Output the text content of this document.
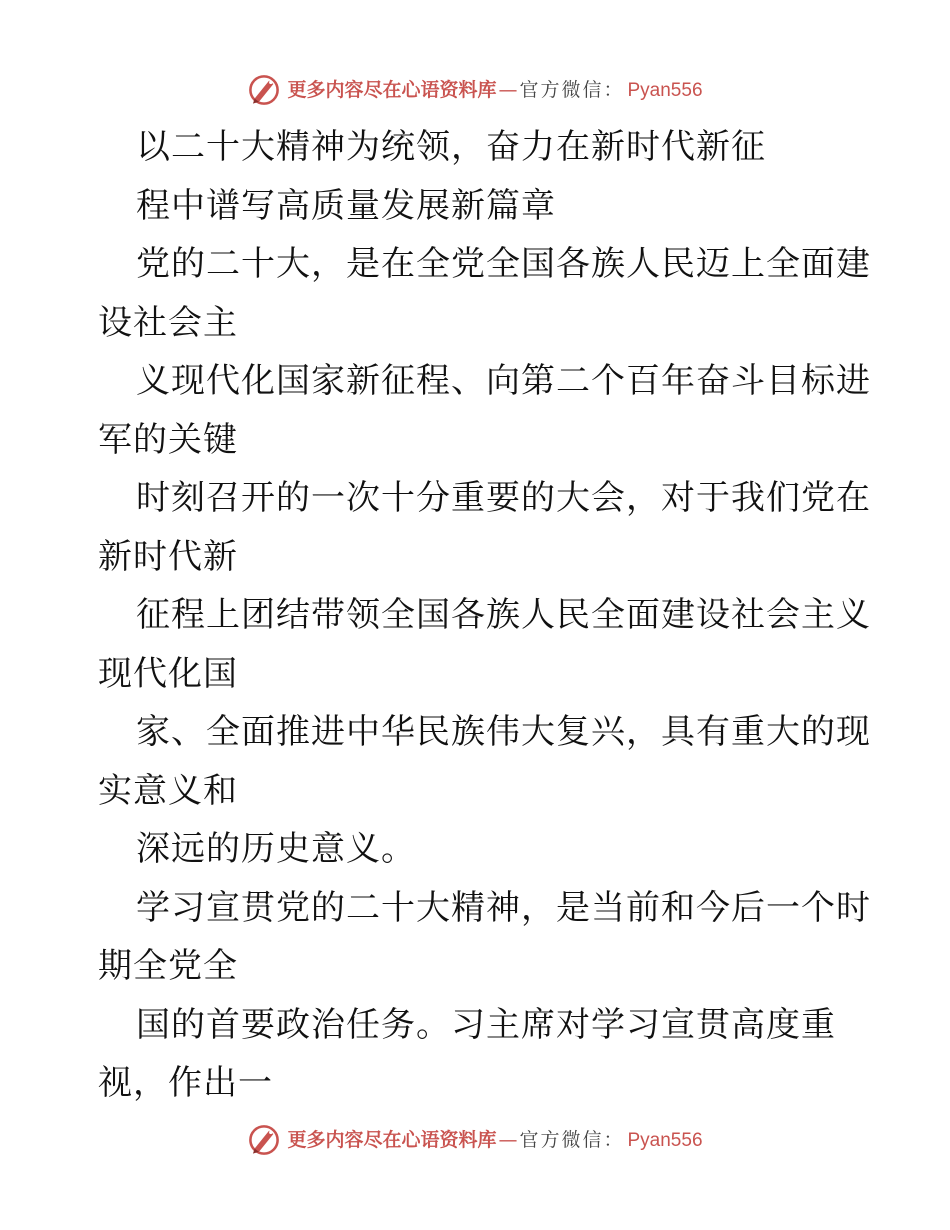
更多内容尽在心语资料库 — 官方微信： Pyan556
以二十大精神为统领，奋力在新时代新征
程中谱写高质量发展新篇章
党的二十大，是在全党全国各族人民迈上全面建
设社会主
义现代化国家新征程、向第二个百年奋斗目标进
军的关键
时刻召开的一次十分重要的大会，对于我们党在
新时代新
征程上团结带领全国各族人民全面建设社会主义
现代化国
家、全面推进中华民族伟大复兴，具有重大的现
实意义和
深远的历史意义。
学习宣贯党的二十大精神，是当前和今后一个时
期全党全
国的首要政治任务。习主席对学习宣贯高度重
视，作出一
更多内容尽在心语资料库 — 官方微信： Pyan556
